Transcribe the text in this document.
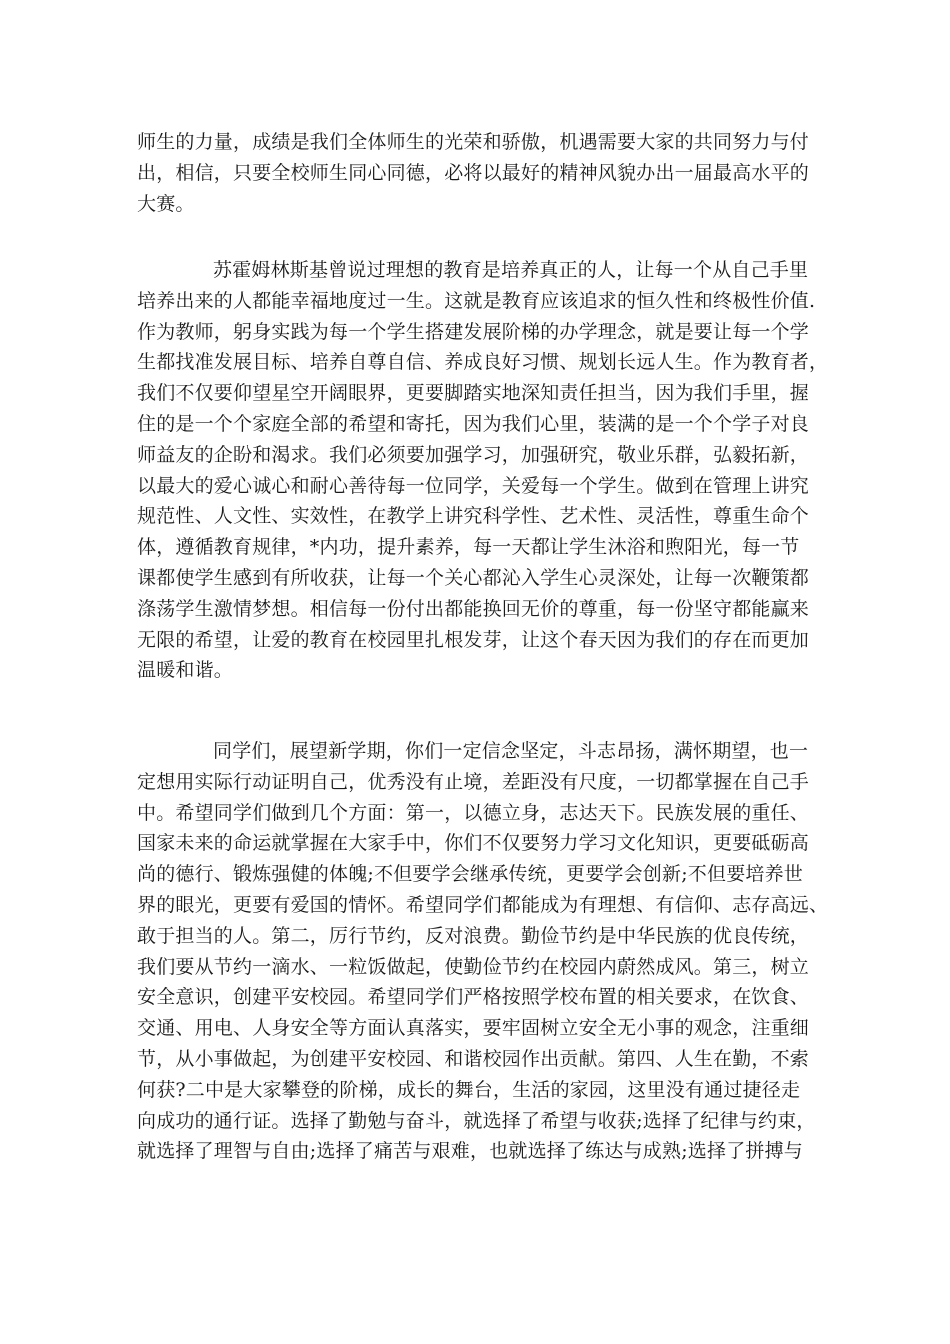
师生的力量，成绩是我们全体师生的光荣和骄傲，机遇需要大家的共同努力与付
出，相信，只要全校师生同心同德，必将以最好的精神风貌办出一届最高水平的
大赛。
苏霍姆林斯基曾说过理想的教育是培养真正的人，让每一个从自己手里
培养出来的人都能幸福地度过一生。这就是教育应该追求的恒久性和终极性价值.
作为教师，躬身实践为每一个学生搭建发展阶梯的办学理念，就是要让每一个学
生都找准发展目标、培养自尊自信、养成良好习惯、规划长远人生。作为教育者，
我们不仅要仰望星空开阔眼界，更要脚踏实地深知责任担当，因为我们手里，握
住的是一个个家庭全部的希望和寄托，因为我们心里，装满的是一个个学子对良
师益友的企盼和渴求。我们必须要加强学习，加强研究，敬业乐群，弘毅拓新，
以最大的爱心诚心和耐心善待每一位同学，关爱每一个学生。做到在管理上讲究
规范性、人文性、实效性，在教学上讲究科学性、艺术性、灵活性，尊重生命个
体，遵循教育规律，*内功，提升素养，每一天都让学生沐浴和煦阳光，每一节
课都使学生感到有所收获，让每一个关心都沁入学生心灵深处，让每一次鞭策都
涤荡学生激情梦想。相信每一份付出都能换回无价的尊重，每一份坚守都能赢来
无限的希望，让爱的教育在校园里扎根发芽，让这个春天因为我们的存在而更加
温暖和谐。
同学们，展望新学期，你们一定信念坚定，斗志昂扬，满怀期望，也一
定想用实际行动证明自己，优秀没有止境，差距没有尺度，一切都掌握在自己手
中。希望同学们做到几个方面：第一，以德立身，志达天下。民族发展的重任、
国家未来的命运就掌握在大家手中，你们不仅要努力学习文化知识，更要砥砺高
尚的德行、锻炼强健的体魄;不但要学会继承传统，更要学会创新;不但要培养世
界的眼光，更要有爱国的情怀。希望同学们都能成为有理想、有信仰、志存高远、
敢于担当的人。第二，厉行节约，反对浪费。勤俭节约是中华民族的优良传统，
我们要从节约一滴水、一粒饭做起，使勤俭节约在校园内蔚然成风。第三，树立
安全意识，创建平安校园。希望同学们严格按照学校布置的相关要求，在饮食、
交通、用电、人身安全等方面认真落实，要牢固树立安全无小事的观念，注重细
节，从小事做起，为创建平安校园、和谐校园作出贡献。第四、人生在勤，不索
何获?二中是大家攀登的阶梯，成长的舞台，生活的家园，这里没有通过捷径走
向成功的通行证。选择了勤勉与奋斗，就选择了希望与收获;选择了纪律与约束，
就选择了理智与自由;选择了痛苦与艰难，也就选择了练达与成熟;选择了拼搏与
